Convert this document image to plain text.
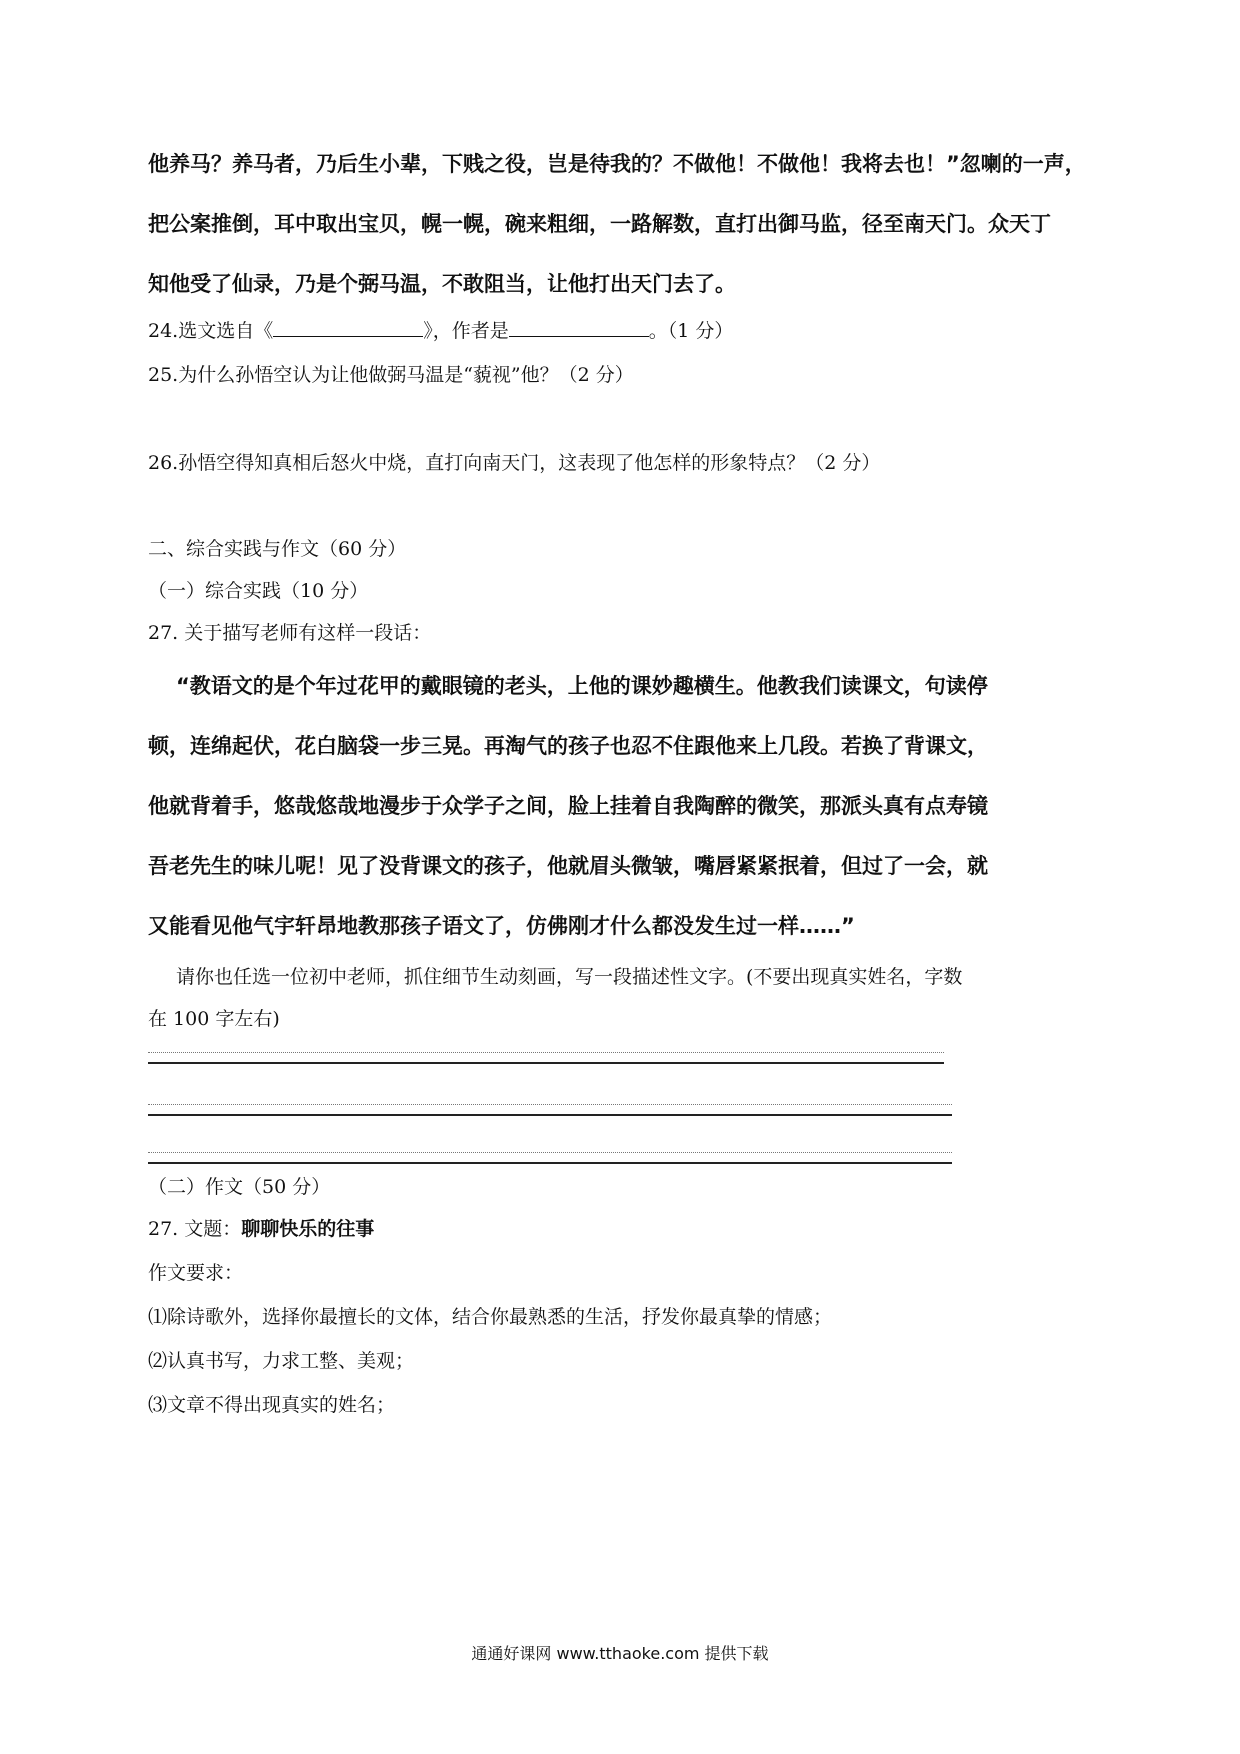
他养马？养马者，乃后生小辈，下贱之役，岂是待我的？不做他！不做他！我将去也！”忽喇的一声，
把公案推倒，耳中取出宝贝，幌一幌，碗来粗细，一路解数，直打出御马监，径至南天门。众天丁
知他受了仙录，乃是个弼马温，不敢阻当，让他打出天门去了。
24.选文选自《	》，作者是	。（1 分）
25.为什么孙悟空认为让他做弼马温是“藐视”他？（2 分）
26.孙悟空得知真相后怒火中烧，直打向南天门，这表现了他怎样的形象特点？（2 分）
二、综合实践与作文（60 分）
（一）综合实践（10 分）
27. 关于描写老师有这样一段话：
“教语文的是个年过花甲的戴眼镜的老头，上他的课妙趣横生。他教我们读课文，句读停
顿，连绵起伏，花白脑袋一步三晃。再淘气的孩子也忍不住跟他来上几段。若换了背课文，
他就背着手，悠哉悠哉地漫步于众学子之间，脸上挂着自我陶醉的微笑，那派头真有点寿镜
吾老先生的味儿呢！见了没背课文的孩子，他就眉头微皱，嘴唇紧紧抿着，但过了一会，就
又能看见他气宇轩昂地教那孩子语文了，仿佛刚才什么都没发生过一样……”
请你也任选一位初中老师，抓住细节生动刻画，写一段描述性文字。(不要出现真实姓名，字数
在 100 字左右)
（二）作文（50 分）
27. 文题：聊聊快乐的往事
作文要求：
⑴除诗歌外，选择你最擅长的文体，结合你最熟悉的生活，抒发你最真挚的情感；
⑵认真书写，力求工整、美观；
⑶文章不得出现真实的姓名；
通通好课网 www.tthaoke.com 提供下载
